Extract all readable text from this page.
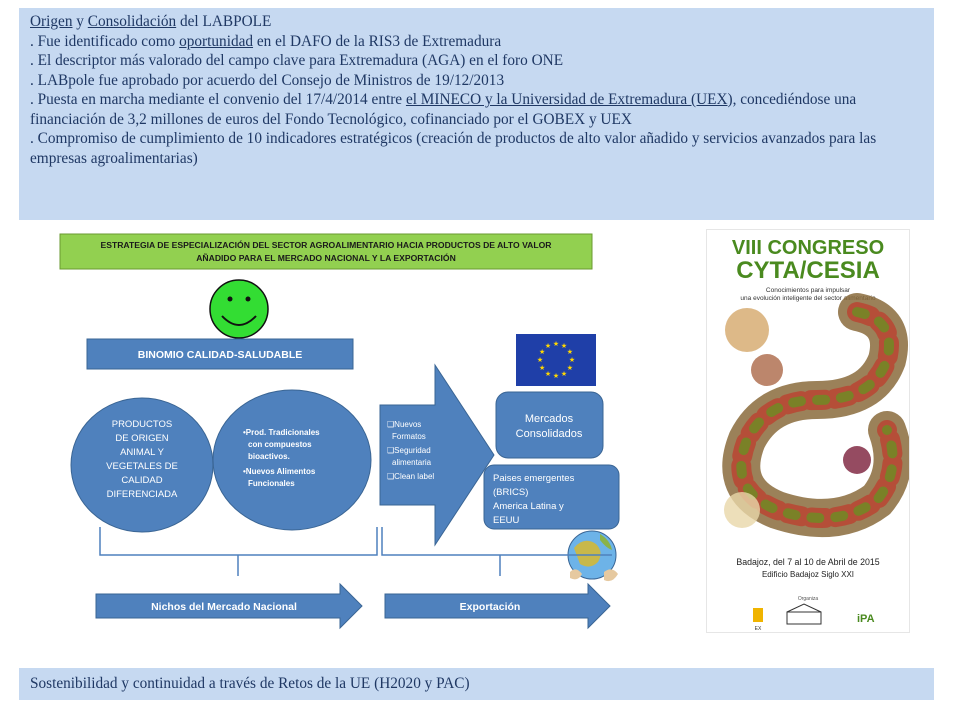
Origen y Consolidación del LABPOLE
. Fue identificado como oportunidad en el DAFO de la RIS3 de Extremadura
. El descriptor más valorado del campo clave para Extremadura (AGA) en el foro ONE
. LABpole fue aprobado por acuerdo del Consejo de Ministros de 19/12/2013
. Puesta en marcha mediante el convenio del 17/4/2014 entre el MINECO y la Universidad de Extremadura (UEX), concediéndose una financiación de 3,2 millones de euros del Fondo Tecnológico, cofinanciado por el GOBEX y UEX
. Compromiso de cumplimiento de 10 indicadores estratégicos (creación de productos de alto valor añadido y servicios avanzados para las empresas agroalimentarias)
ESTRATEGIA DE ESPECIALIZACIÓN DEL SECTOR AGROALIMENTARIO HACIA PRODUCTOS DE ALTO VALOR
AÑADIDO PARA EL MERCADO NACIONAL Y LA EXPORTACIÓN
BINOMIO CALIDAD-SALUDABLE	★
★
★
★
★
★
★
★
★ ★ ★
★
PRODUCTOS
DE ORIGEN
ANIMAL Y
VEGETALES DE
CALIDAD
DIFERENCIADA
•Prod. Tradicionales
con compuestos
bioactivos.
•Nuevos Alimentos
Funcionales
❑Nuevos
Formatos
❑Seguridad
alimentaria
❑Clean label
Mercados
Consolidados
Paises emergentes
(BRICS)
America Latina y
EEUU
Nichos del Mercado Nacional	Exportación
VIII CONGRESO
CYTA/CESIA
Conocimientos para impulsar
una evolución inteligente del sector alimentario
Badajoz, del 7 al 10 de Abril de 2015
Edificio Badajoz Siglo XXI
Organiza
EX
iPA
Sostenibilidad y continuidad a través de Retos de la UE (H2020 y PAC)
